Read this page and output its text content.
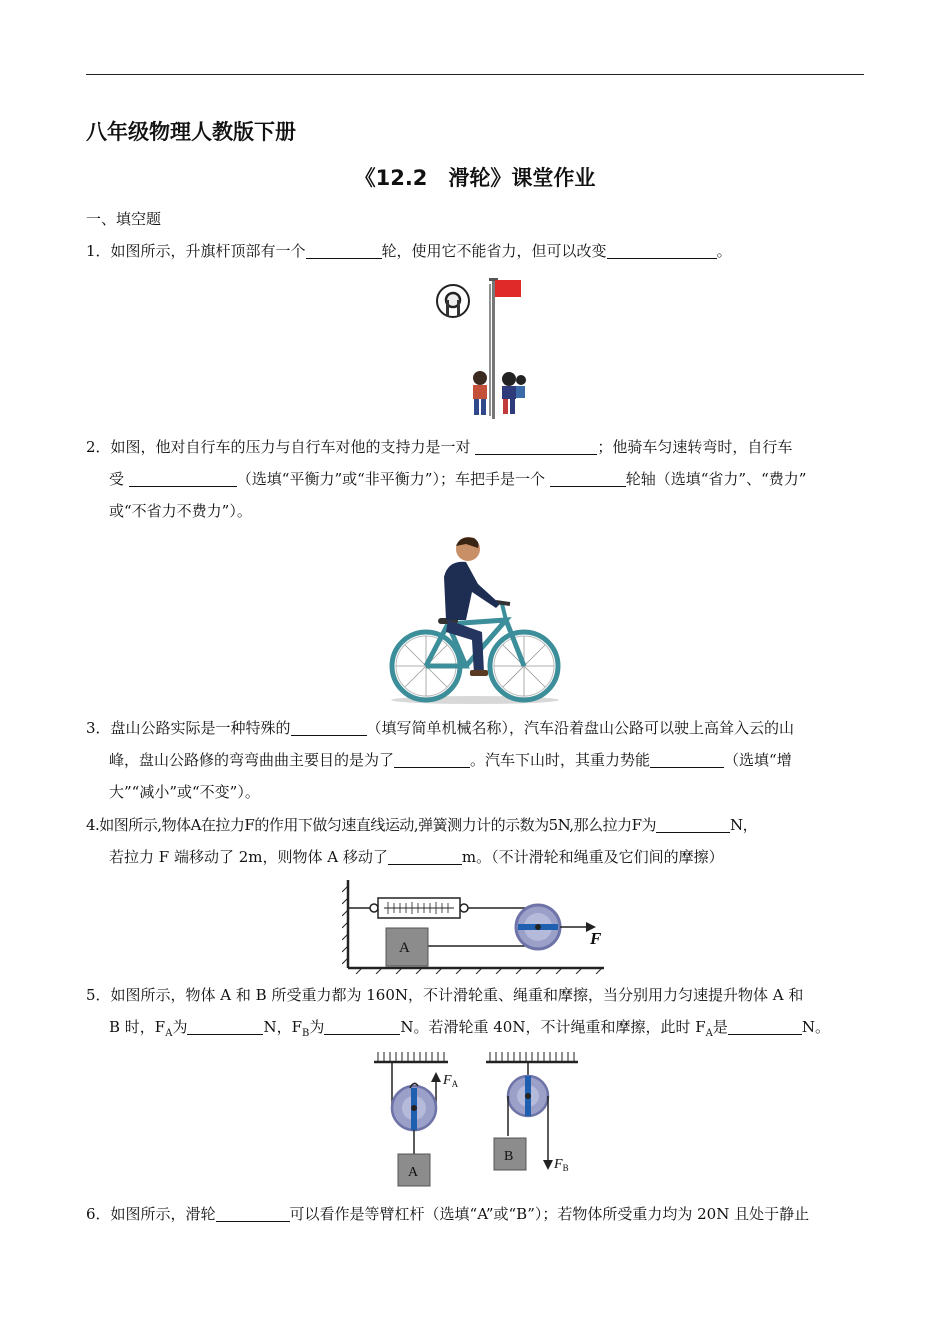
八年级物理人教版下册
《12.2　滑轮》课堂作业
一、填空题
1．如图所示，升旗杆顶部有一个	轮，使用它不能省力，但可以改变	。
2．如图，他对自行车的压力与自行车对他的支持力是一对	；他骑车匀速转弯时，自行车
受	（选填“平衡力”或“非平衡力”）；车把手是一个	轮轴（选填“省力”、“费力”
或“不省力不费力”）。
3．盘山公路实际是一种特殊的	（填写简单机械名称），汽车沿着盘山公路可以驶上高耸入云的山
峰，盘山公路修的弯弯曲曲主要目的是为了	。汽车下山时，其重力势能	（选填“增
大”“减小”或“不变”）。
4.如图所示,物体A在拉力F的作用下做匀速直线运动,弹簧测力计的示数为5N,那么拉力F为	N，
若拉力 F 端移动了 2m，则物体 A 移动了	m。（不计滑轮和绳重及它们间的摩擦）
A	F
5．如图所示，物体 A 和 B 所受重力都为 160N，不计滑轮重、绳重和摩擦，当分别用力匀速提升物体 A 和
B 时，$F_A$为	N，$F_B$为	N。若滑轮重 40N，不计绳重和摩擦，此时 $F_A$是	N。
$F_A$
A
$F_B$
B
6．如图所示，滑轮	可以看作是等臂杠杆（选填“A”或“B”）；若物体所受重力均为 20N 且处于静止
